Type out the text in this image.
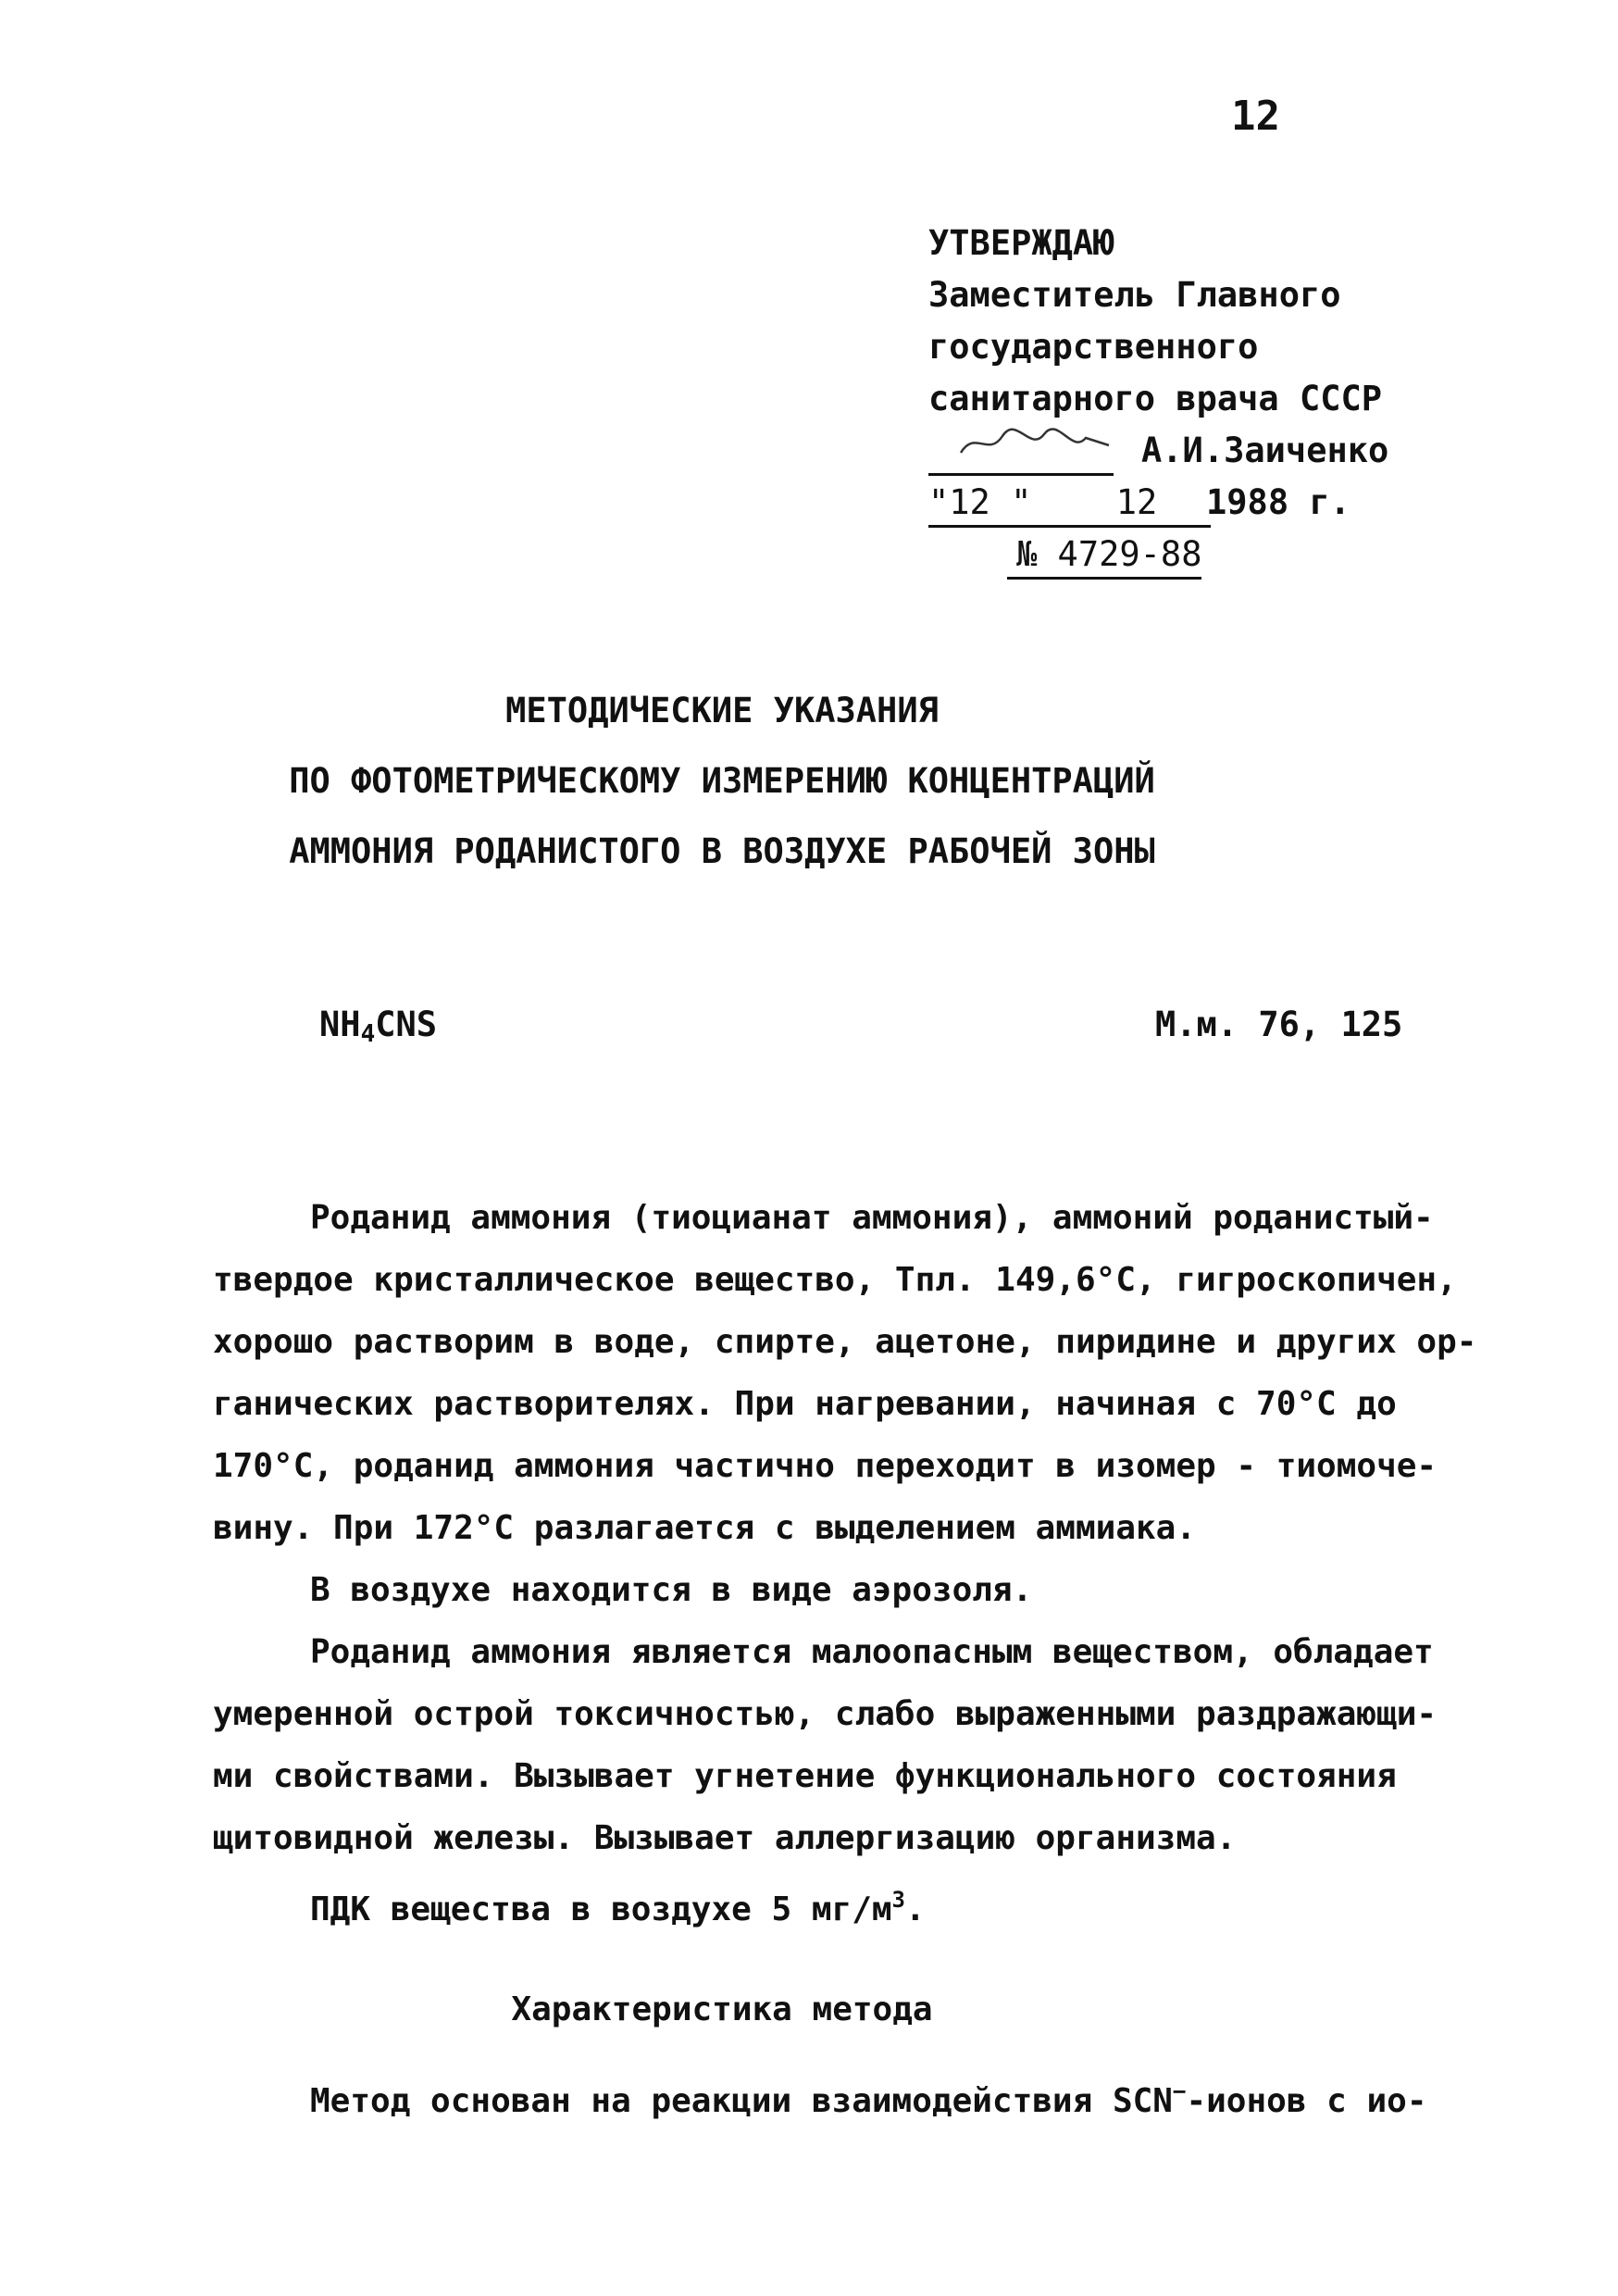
12
УТВЕРЖДАЮ
Заместитель Главного
государственного
санитарного врача СССР
А.И.Заиченко
"12 " 12 1988 г.
№ 4729-88
МЕТОДИЧЕСКИЕ УКАЗАНИЯ
ПО ФОТОМЕТРИЧЕСКОМУ ИЗМЕРЕНИЮ КОНЦЕНТРАЦИЙ
АММОНИЯ РОДАНИСТОГО В ВОЗДУХЕ РАБОЧЕЙ ЗОНЫ
$NH_4CNS$	М.м. 76, 125

Роданид аммония (тиоцианат аммония), аммоний роданистый-

твердое кристаллическое вещество, Тпл. 149,6°С, гигроскопичен,

хорошо растворим в воде, спирте, ацетоне, пиридине и других ор-

ганических растворителях. При нагревании, начиная с 70°С до

170°С, роданид аммония частично переходит в изомер - тиомоче-

вину. При 172°С разлагается с выделением аммиака.

В воздухе находится в виде аэрозоля.

Роданид аммония является малоопасным веществом, обладает

умеренной острой токсичностью, слабо выраженными раздражающи-

ми свойствами. Вызывает угнетение функционального состояния

щитовидной железы. Вызывает аллергизацию организма.

ПДК вещества в воздухе 5 $мг/м^3$.

Характеристика метода
Метод основан на реакции взаимодействия SCN−-ионов с ио-
